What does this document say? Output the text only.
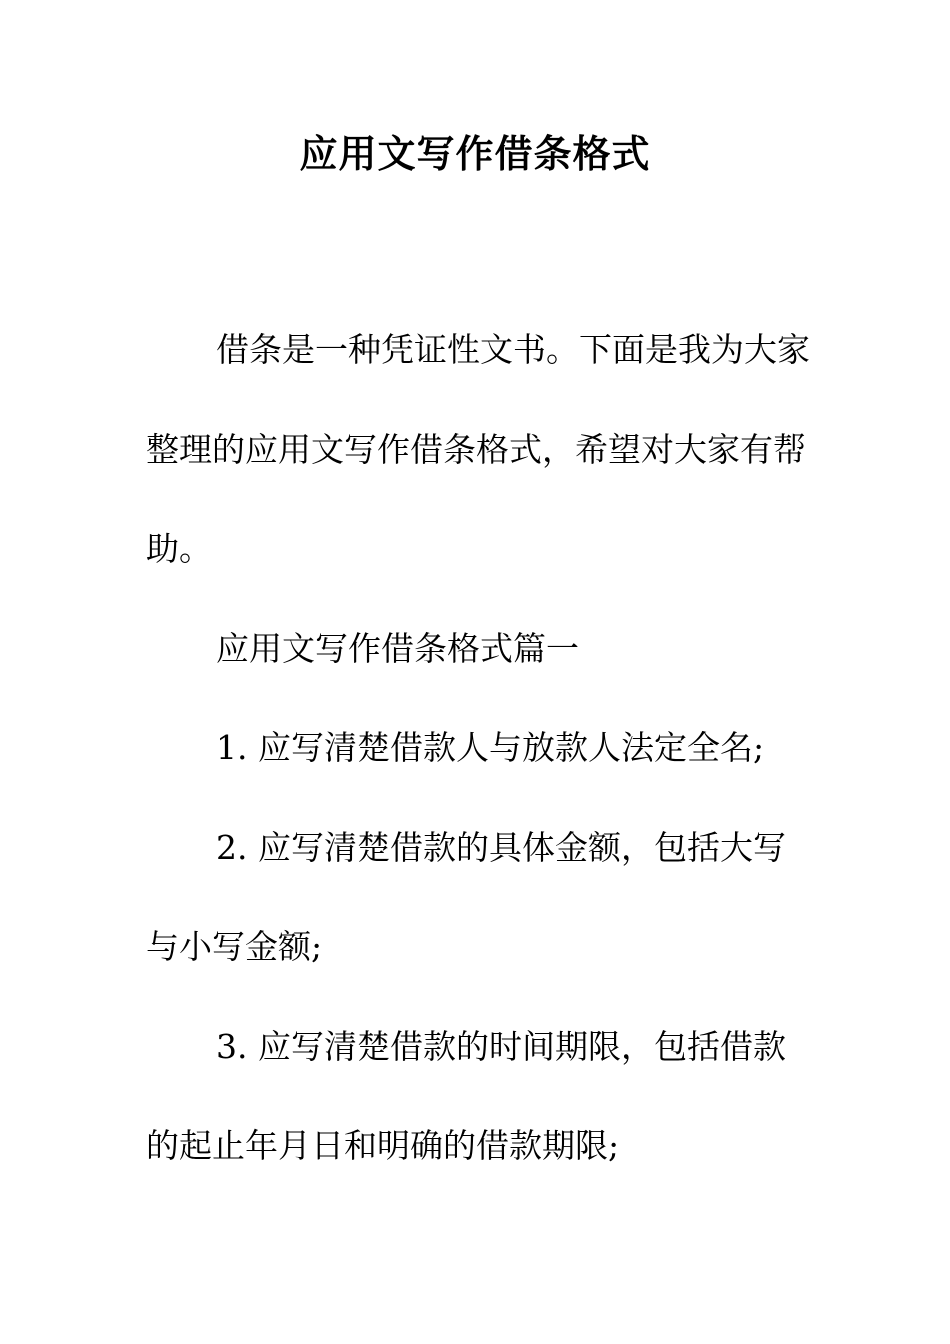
应用文写作借条格式

借条是一种凭证性文书。下面是我为大家整理的应用文写作借条格式，希望对大家有帮助。

应用文写作借条格式篇一

1. 应写清楚借款人与放款人法定全名;

2. 应写清楚借款的具体金额，包括大写与小写金额;

3. 应写清楚借款的时间期限，包括借款的起止年月日和明确的借款期限;
